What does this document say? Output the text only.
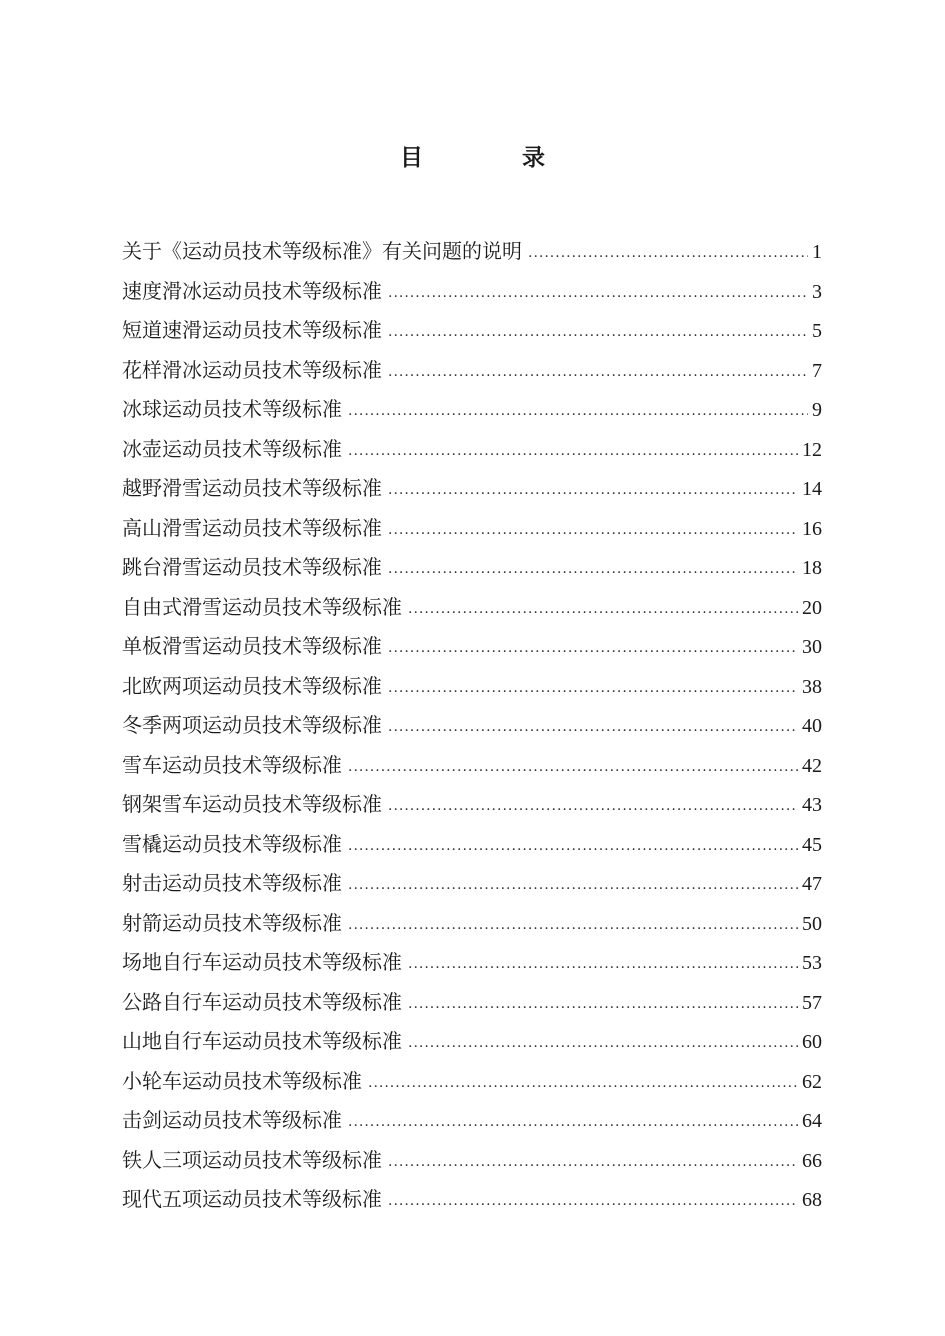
目　录
关于《运动员技术等级标准》有关问题的说明 .....	1
速度滑冰运动员技术等级标准 .....	3
短道速滑运动员技术等级标准 .....	5
花样滑冰运动员技术等级标准 .....	7
冰球运动员技术等级标准 .....	9
冰壶运动员技术等级标准 .....	12
越野滑雪运动员技术等级标准 .....	14
高山滑雪运动员技术等级标准 .....	16
跳台滑雪运动员技术等级标准 .....	18
自由式滑雪运动员技术等级标准 .....	20
单板滑雪运动员技术等级标准 .....	30
北欧两项运动员技术等级标准 .....	38
冬季两项运动员技术等级标准 .....	40
雪车运动员技术等级标准 .....	42
钢架雪车运动员技术等级标准 .....	43
雪橇运动员技术等级标准 .....	45
射击运动员技术等级标准 .....	47
射箭运动员技术等级标准 .....	50
场地自行车运动员技术等级标准 .....	53
公路自行车运动员技术等级标准 .....	57
山地自行车运动员技术等级标准 .....	60
小轮车运动员技术等级标准 .....	62
击剑运动员技术等级标准 .....	64
铁人三项运动员技术等级标准 .....	66
现代五项运动员技术等级标准 .....	68
